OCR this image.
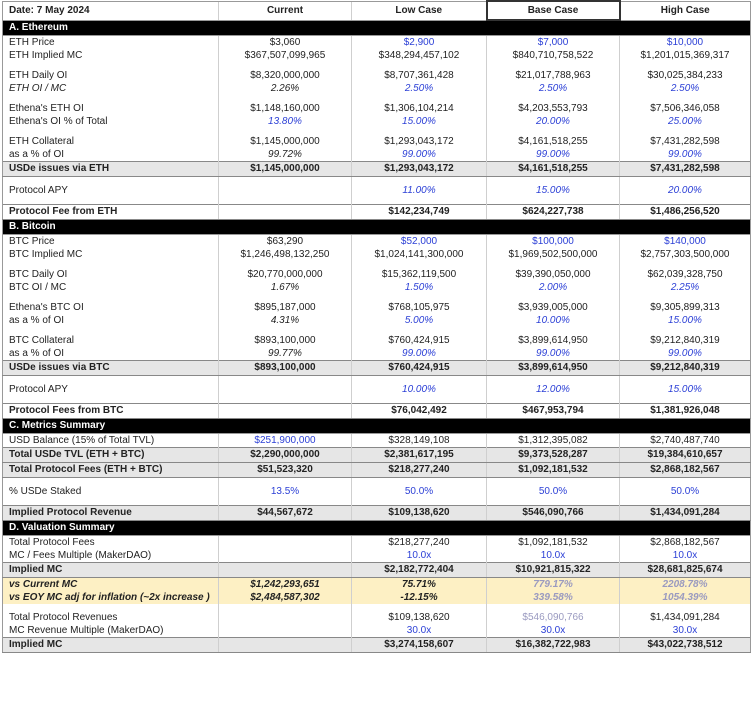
Date: 7 May 2024	Current	Low Case	Base Case	High Case
A. Ethereum				
ETH Price	$3,060	$2,900	$7,000	$10,000
ETH Implied MC	$367,507,099,965	$348,294,457,102	$840,710,758,522	$1,201,015,369,317

ETH Daily OI	$8,320,000,000	$8,707,361,428	$21,017,788,963	$30,025,384,233
ETH OI / MC	2.26%	2.50%	2.50%	2.50%

Ethena's ETH OI	$1,148,160,000	$1,306,104,214	$4,203,553,793	$7,506,346,058
Ethena's OI % of Total	13.80%	15.00%	20.00%	25.00%

ETH Collateral	$1,145,000,000	$1,293,043,172	$4,161,518,255	$7,431,282,598
as a % of OI	99.72%	99.00%	99.00%	99.00%
USDe issues via ETH	$1,145,000,000	$1,293,043,172	$4,161,518,255	$7,431,282,598

Protocol APY		11.00%	15.00%	20.00%

Protocol Fee from ETH		$142,234,749	$624,227,738	$1,486,256,520
B. Bitcoin				
BTC Price	$63,290	$52,000	$100,000	$140,000
BTC Implied MC	$1,246,498,132,250	$1,024,141,300,000	$1,969,502,500,000	$2,757,303,500,000

BTC Daily OI	$20,770,000,000	$15,362,119,500	$39,390,050,000	$62,039,328,750
BTC OI / MC	1.67%	1.50%	2.00%	2.25%

Ethena's BTC OI	$895,187,000	$768,105,975	$3,939,005,000	$9,305,899,313
as a % of OI	4.31%	5.00%	10.00%	15.00%

BTC Collateral	$893,100,000	$760,424,915	$3,899,614,950	$9,212,840,319
as a % of OI	99.77%	99.00%	99.00%	99.00%
USDe issues via BTC	$893,100,000	$760,424,915	$3,899,614,950	$9,212,840,319

Protocol APY		10.00%	12.00%	15.00%

Protocol Fees from BTC		$76,042,492	$467,953,794	$1,381,926,048
C. Metrics Summary				
USD Balance (15% of Total TVL)	$251,900,000	$328,149,108	$1,312,395,082	$2,740,487,740
Total USDe TVL (ETH + BTC)	$2,290,000,000	$2,381,617,195	$9,373,528,287	$19,384,610,657
Total Protocol Fees (ETH + BTC)	$51,523,320	$218,277,240	$1,092,181,532	$2,868,182,567

% USDe Staked	13.5%	50.0%	50.0%	50.0%

Implied Protocol Revenue	$44,567,672	$109,138,620	$546,090,766	$1,434,091,284
D. Valuation Summary				
Total Protocol Fees		$218,277,240	$1,092,181,532	$2,868,182,567
MC / Fees Multiple (MakerDAO)		10.0x	10.0x	10.0x
Implied MC		$2,182,772,404	$10,921,815,322	$28,681,825,674
vs Current MC	$1,242,293,651	75.71%	779.17%	2208.78%
vs EOY MC adj for inflation (~2x increase )	$2,484,587,302	-12.15%	339.58%	1054.39%

Total Protocol Revenues		$109,138,620	$546,090,766	$1,434,091,284
MC Revenue Multiple (MakerDAO)		30.0x	30.0x	30.0x
Implied MC		$3,274,158,607	$16,382,722,983	$43,022,738,512
